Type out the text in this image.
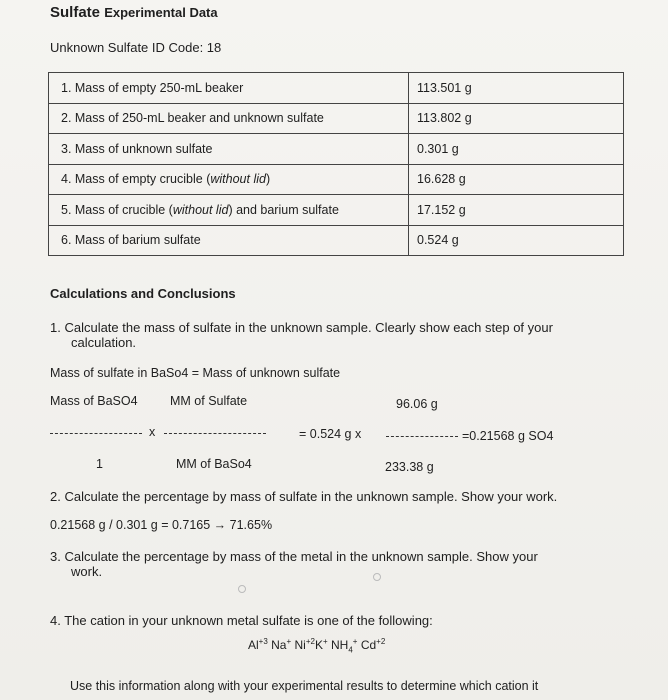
Sulfate Experimental Data
Unknown Sulfate ID Code: 18
1. Mass of empty 250-mL beaker	113.501 g
2. Mass of 250-mL beaker and unknown sulfate	113.802 g
3. Mass of unknown sulfate	0.301 g
4. Mass of empty crucible (without lid)	16.628 g
5. Mass of crucible (without lid) and barium sulfate	17.152 g
6. Mass of barium sulfate	0.524 g
Calculations and Conclusions
1. Calculate the mass of sulfate in the unknown sample. Clearly show each step of your
calculation.
Mass of sulfate in BaSo4 = Mass of unknown sulfate
Mass of BaSO4	MM of Sulfate	96.06 g
x	= 0.524 g x	=0.21568 g SO4
1	MM of BaSo4	233.38 g
2. Calculate the percentage by mass of sulfate in the unknown sample. Show your work.
0.21568 g / 0.301 g = 0.7165 → 71.65%
3. Calculate the percentage by mass of the metal in the unknown sample. Show your
work.
4. The cation in your unknown metal sulfate is one of the following:
$Al^{+3}$ Na+ $Ni^{+2}K^+$ $NH_4^+$ $Cd^{+2}$
Use this information along with your experimental results to determine which cation it
